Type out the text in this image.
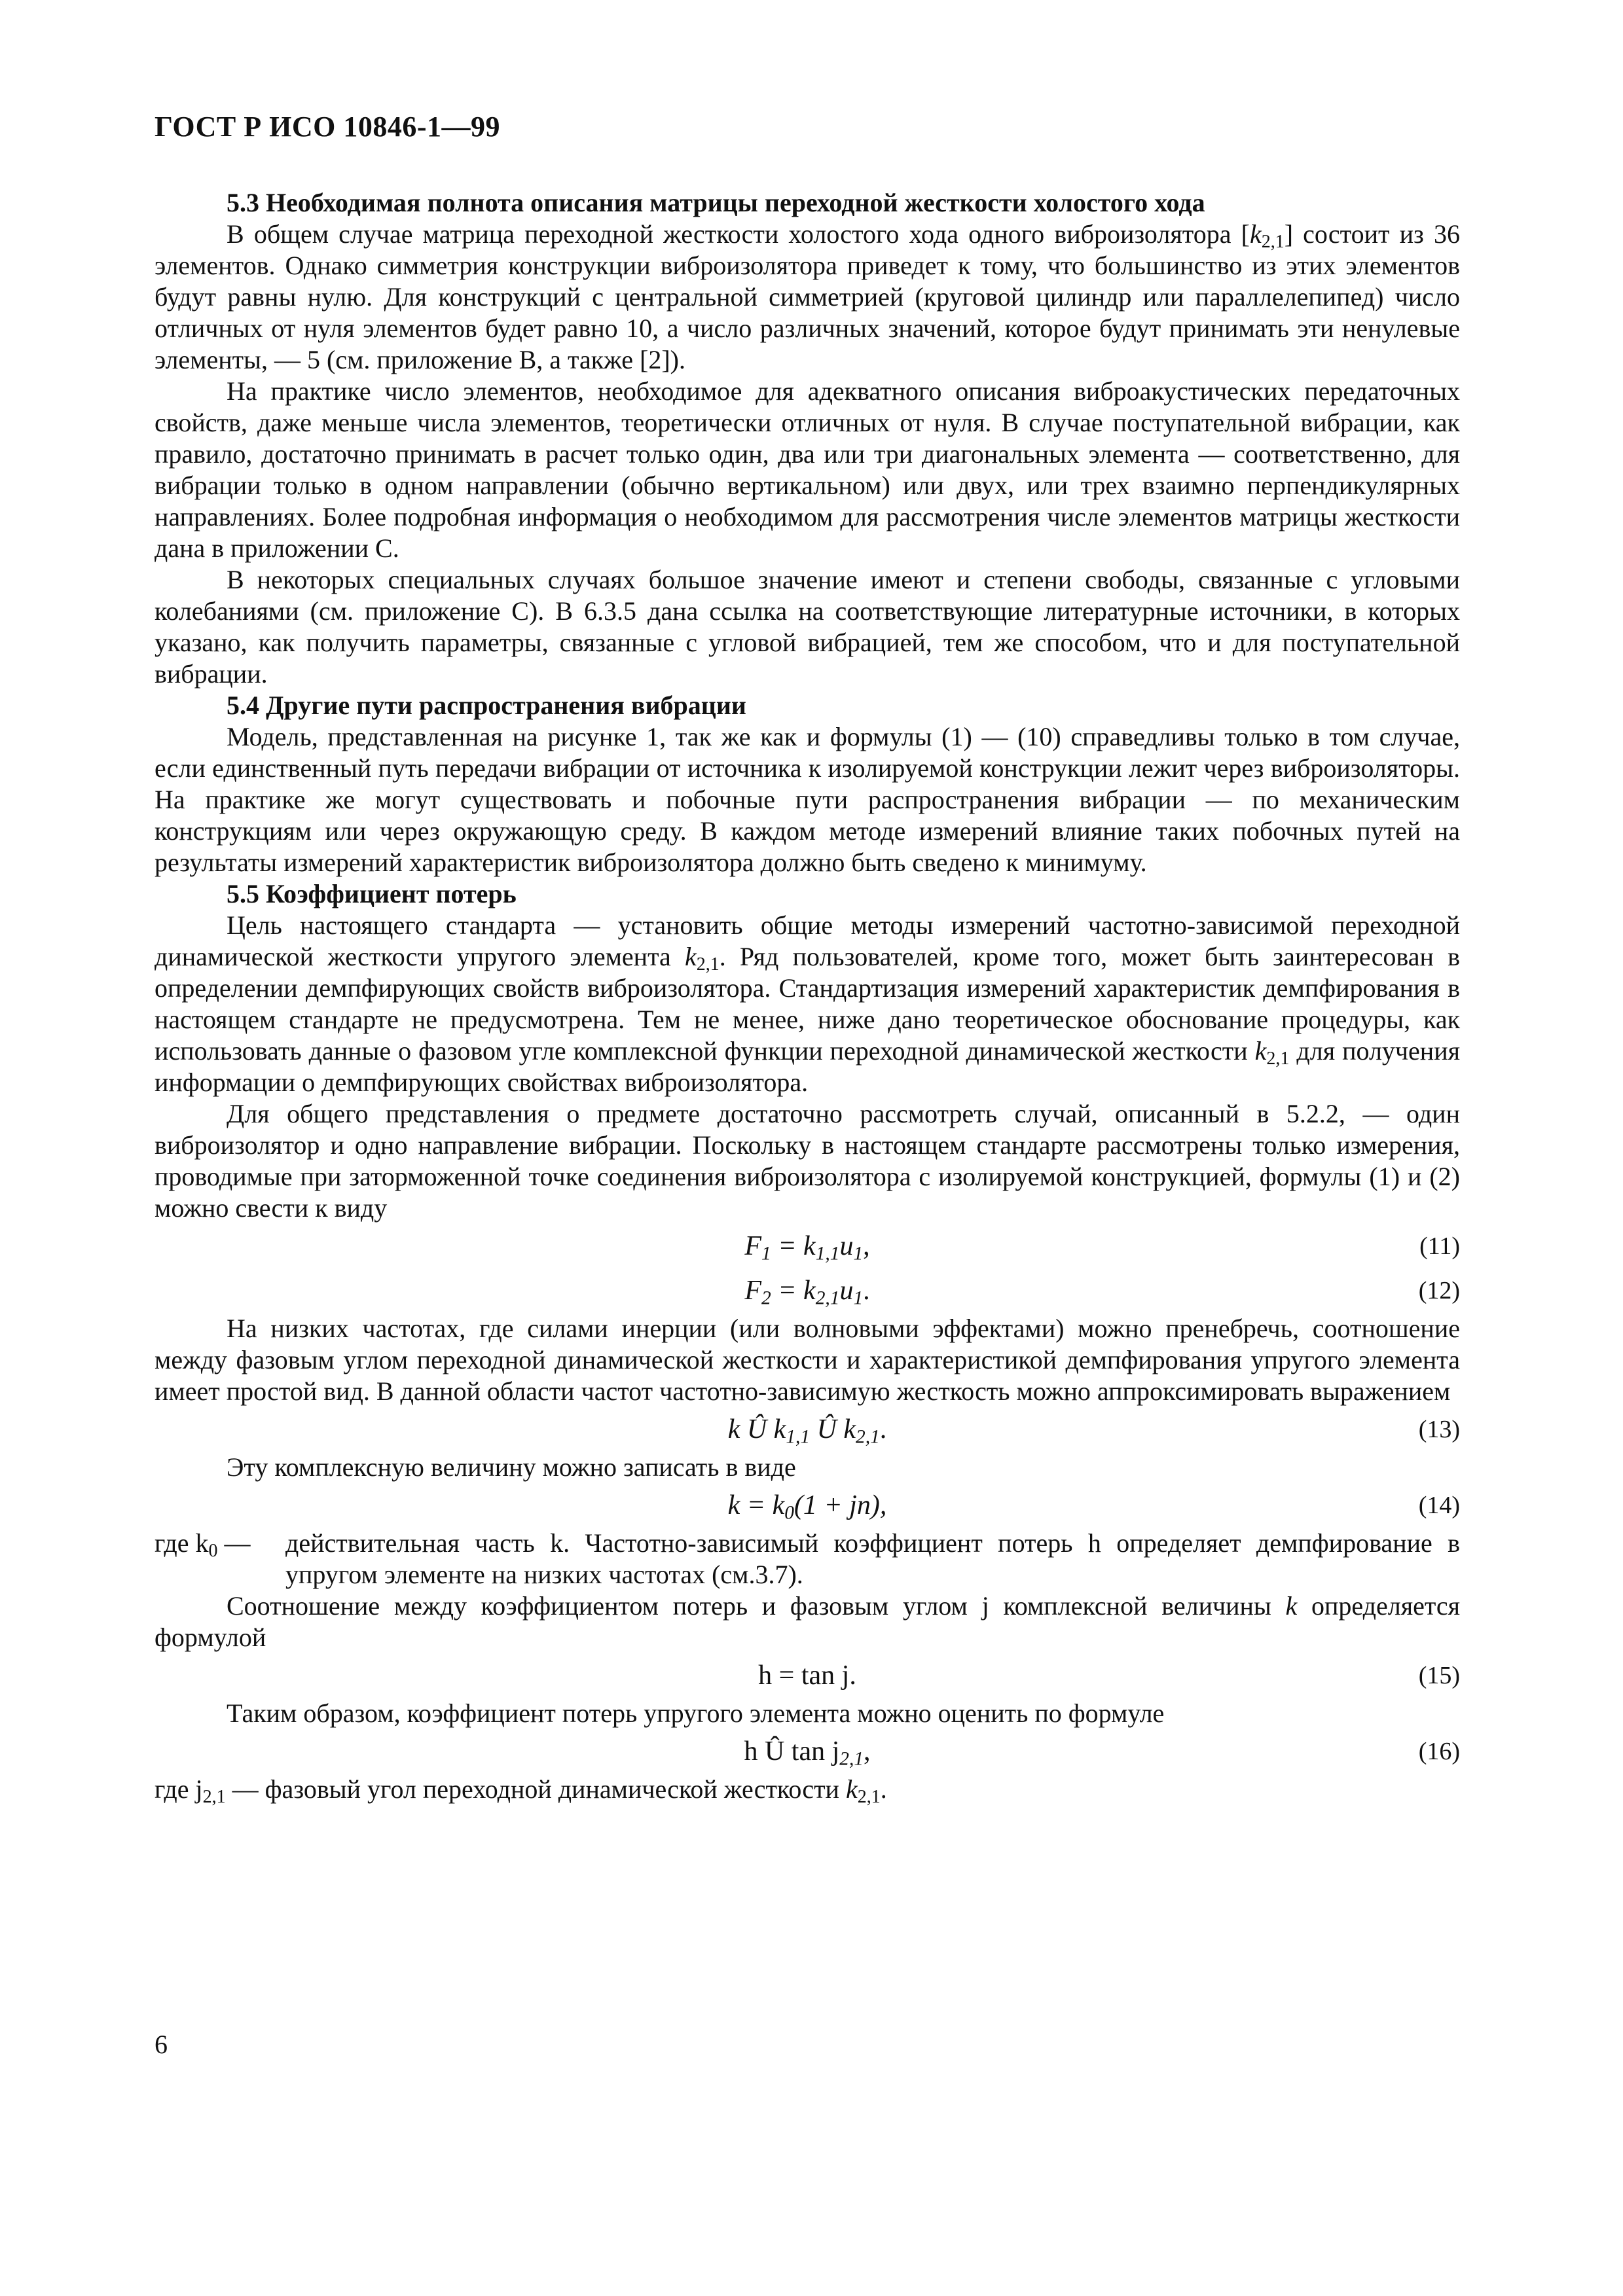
ГОСТ Р ИСО 10846-1—99

5.3 Необходимая полнота описания матрицы переходной жесткости холостого хода

В общем случае матрица переходной жесткости холостого хода одного виброизолятора $[k_{2,1}]$ состоит из 36 элементов. Однако симметрия конструкции виброизолятора приведет к тому, что большинство из этих элементов будут равны нулю. Для конструкций с центральной симметрией (круговой цилиндр или параллелепипед) число отличных от нуля элементов будет равно 10, а число различных значений, которое будут принимать эти ненулевые элементы, — 5 (см. приложение В, а также [2]).

На практике число элементов, необходимое для адекватного описания виброакустических передаточных свойств, даже меньше числа элементов, теоретически отличных от нуля. В случае поступательной вибрации, как правило, достаточно принимать в расчет только один, два или три диагональных элемента — соответственно, для вибрации только в одном направлении (обычно вертикальном) или двух, или трех взаимно перпендикулярных направлениях. Более подробная информация о необходимом для рассмотрения числе элементов матрицы жесткости дана в приложении С.

В некоторых специальных случаях большое значение имеют и степени свободы, связанные с угловыми колебаниями (см. приложение С). В 6.3.5 дана ссылка на соответствующие литературные источники, в которых указано, как получить параметры, связанные с угловой вибрацией, тем же способом, что и для поступательной вибрации.

5.4 Другие пути распространения вибрации

Модель, представленная на рисунке 1, так же как и формулы (1) — (10) справедливы только в том случае, если единственный путь передачи вибрации от источника к изолируемой конструкции лежит через виброизоляторы. На практике же могут существовать и побочные пути распространения вибрации — по механическим конструкциям или через окружающую среду. В каждом методе измерений влияние таких побочных путей на результаты измерений характеристик виброизолятора должно быть сведено к минимуму.

5.5 Коэффициент потерь

Цель настоящего стандарта — установить общие методы измерений частотно-зависимой переходной динамической жесткости упругого элемента $k_{2,1}$. Ряд пользователей, кроме того, может быть заинтересован в определении демпфирующих свойств виброизолятора. Стандартизация измерений характеристик демпфирования в настоящем стандарте не предусмотрена. Тем не менее, ниже дано теоретическое обоснование процедуры, как использовать данные о фазовом угле комплексной функции переходной динамической жесткости $k_{2,1}$ для получения информации о демпфирующих свойствах виброизолятора.

Для общего представления о предмете достаточно рассмотреть случай, описанный в 5.2.2, — один виброизолятор и одно направление вибрации. Поскольку в настоящем стандарте рассмотрены только измерения, проводимые при заторможенной точке соединения виброизолятора с изолируемой конструкцией, формулы (1) и (2) можно свести к виду

$F_1 = k_{1,1}u_1$,	(11)
$F_2 = k_{2,1}u_1$.	(12)

На низких частотах, где силами инерции (или волновыми эффектами) можно пренебречь, соотношение между фазовым углом переходной динамической жесткости и характеристикой демпфирования упругого элемента имеет простой вид. В данной области частот частотно-зависимую жесткость можно аппроксимировать выражением

k Û $k_{1,1}$ Û $k_{2,1}$.	(13)

Эту комплексную величину можно записать в виде

$k = k_0(1 + jn)$,	(14)
где $k_0$ —	действительная часть k. Частотно-зависимый коэффициент потерь h определяет демпфирование в упругом элементе на низких частотах (см.3.7).

Соотношение между коэффициентом потерь и фазовым углом j комплексной величины k определяется формулой

h = tan j.	(15)

Таким образом, коэффициент потерь упругого элемента можно оценить по формуле

h Û $\tan j_{2,1}$,	(16)

где $j_{2,1}$ — фазовый угол переходной динамической жесткости $k_{2,1}$.

6
